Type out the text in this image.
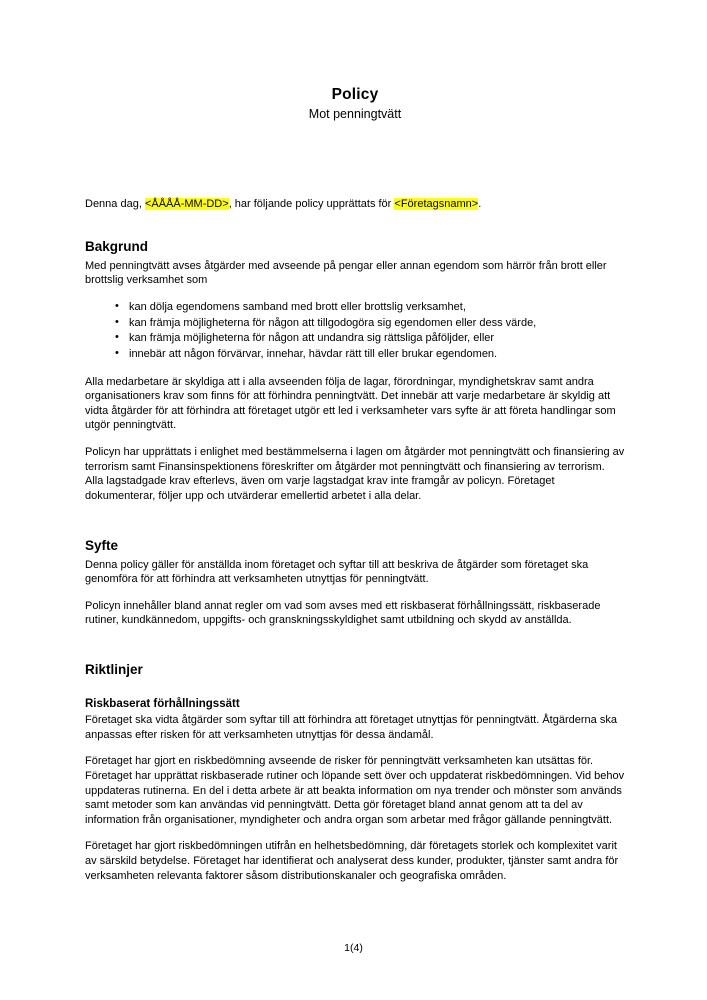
Policy
Mot penningtvätt

Denna dag, <ÅÅÅÅ-MM-DD>, har följande policy upprättats för <Företagsnamn>.

Bakgrund

Med penningtvätt avses åtgärder med avseende på pengar eller annan egendom som härrör från brott eller brottslig verksamhet som

• kan dölja egendomens samband med brott eller brottslig verksamhet,
• kan främja möjligheterna för någon att tillgodogöra sig egendomen eller dess värde,
• kan främja möjligheterna för någon att undandra sig rättsliga påföljder, eller
• innebär att någon förvärvar, innehar, hävdar rätt till eller brukar egendomen.

Alla medarbetare är skyldiga att i alla avseenden följa de lagar, förordningar, myndighetskrav samt andra organisationers krav som finns för att förhindra penningtvätt. Det innebär att varje medarbetare är skyldig att vidta åtgärder för att förhindra att företaget utgör ett led i verksamheter vars syfte är att företa handlingar som utgör penningtvätt.

Policyn har upprättats i enlighet med bestämmelserna i lagen om åtgärder mot penningtvätt och finansiering av terrorism samt Finansinspektionens föreskrifter om åtgärder mot penningtvätt och finansiering av terrorism. Alla lagstadgade krav efterlevs, även om varje lagstadgat krav inte framgår av policyn. Företaget dokumenterar, följer upp och utvärderar emellertid arbetet i alla delar.

Syfte

Denna policy gäller för anställda inom företaget och syftar till att beskriva de åtgärder som företaget ska genomföra för att förhindra att verksamheten utnyttjas för penningtvätt.

Policyn innehåller bland annat regler om vad som avses med ett riskbaserat förhållningssätt, riskbaserade rutiner, kundkännedom, uppgifts- och granskningsskyldighet samt utbildning och skydd av anställda.

Riktlinjer
Riskbaserat förhållningssätt

Företaget ska vidta åtgärder som syftar till att förhindra att företaget utnyttjas för penningtvätt. Åtgärderna ska anpassas efter risken för att verksamheten utnyttjas för dessa ändamål.

Företaget har gjort en riskbedömning avseende de risker för penningtvätt verksamheten kan utsättas för. Företaget har upprättat riskbaserade rutiner och löpande sett över och uppdaterat riskbedömningen. Vid behov uppdateras rutinerna. En del i detta arbete är att beakta information om nya trender och mönster som används samt metoder som kan användas vid penningtvätt. Detta gör företaget bland annat genom att ta del av information från organisationer, myndigheter och andra organ som arbetar med frågor gällande penningtvätt.

Företaget har gjort riskbedömningen utifrån en helhetsbedömning, där företagets storlek och komplexitet varit av särskild betydelse. Företaget har identifierat och analyserat dess kunder, produkter, tjänster samt andra för verksamheten relevanta faktorer såsom distributionskanaler och geografiska områden.

1(4)
